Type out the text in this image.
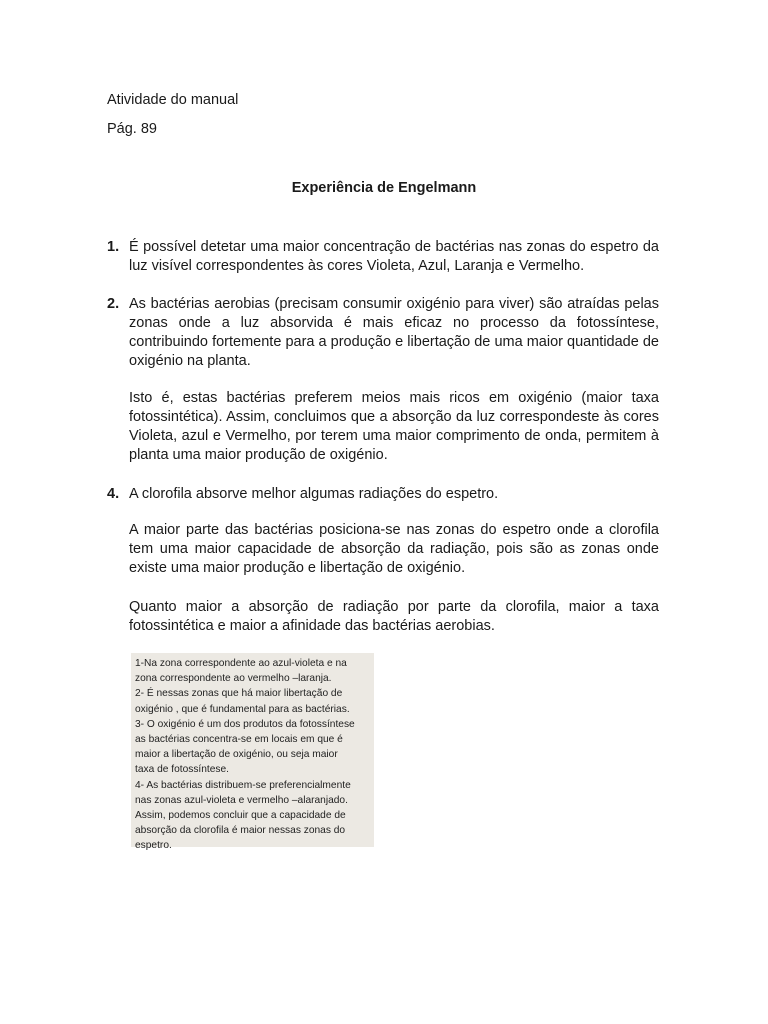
Atividade do manual
Pág. 89
Experiência de Engelmann
1. É possível detetar uma maior concentração de bactérias nas zonas do espetro da luz visível correspondentes às cores Violeta, Azul, Laranja e Vermelho.
2. As bactérias aerobias (precisam consumir oxigénio para viver) são atraídas pelas zonas onde a luz absorvida é mais eficaz no processo da fotossíntese, contribuindo fortemente para a produção e libertação de uma maior quantidade de oxigénio na planta.
Isto é, estas bactérias preferem meios mais ricos em oxigénio (maior taxa fotossintética). Assim, concluimos que a absorção da luz correspondeste às cores Violeta, azul e Vermelho, por terem uma maior comprimento de onda, permitem à planta uma maior produção de oxigénio.
4. A clorofila absorve melhor algumas radiações do espetro.
A maior parte das bactérias posiciona-se nas zonas do espetro onde a clorofila tem uma maior capacidade de absorção da radiação, pois são as zonas onde existe uma maior produção e libertação de oxigénio.
Quanto maior a absorção de radiação por parte da clorofila, maior a taxa fotossintética e maior a afinidade das bactérias aerobias.
1-Na zona correspondente ao azul-violeta e na
zona correspondente ao vermelho –laranja.
2- É nessas zonas que há maior libertação de
oxigénio , que é fundamental para as bactérias.
3- O oxigénio é um dos produtos da fotossíntese
as bactérias concentra-se em locais em que é
maior a libertação de oxigénio, ou seja maior
taxa de fotossíntese.
4- As bactérias distribuem-se preferencialmente
nas zonas azul-violeta e vermelho –alaranjado.
Assim, podemos concluir que a capacidade de
absorção da clorofila é maior nessas zonas do
espetro.
